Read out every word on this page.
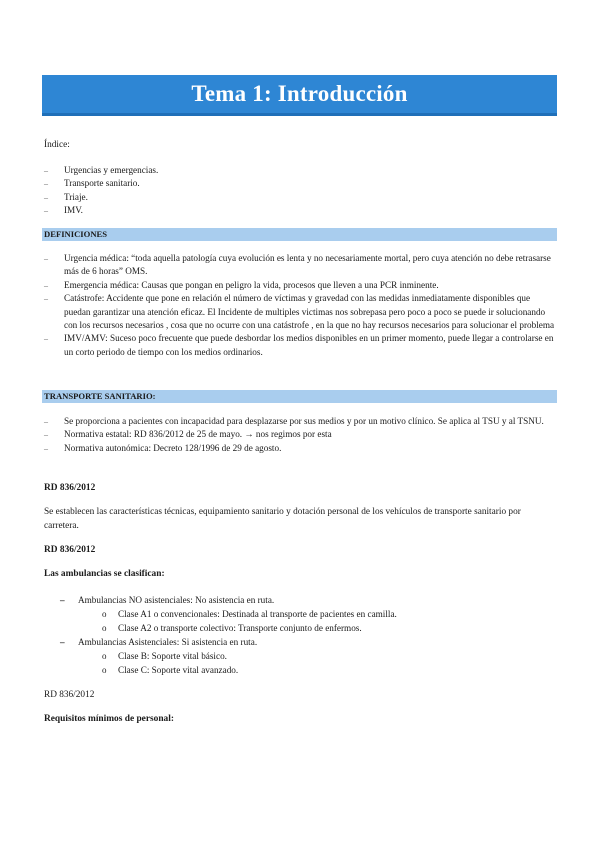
Tema 1: Introducción
Índice:
– Urgencias y emergencias.
– Transporte sanitario.
– Triaje.
– IMV.
DEFINICIONES
– Urgencia médica: “toda aquella patología cuya evolución es lenta y no necesariamente mortal, pero cuya atención no debe retrasarse más de 6 horas” OMS.
– Emergencia médica: Causas que pongan en peligro la vida, procesos que lleven a una PCR inminente.
– Catástrofe: Accidente que pone en relación el número de víctimas y gravedad con las medidas inmediatamente disponibles que puedan garantizar una atención eficaz. El Incidente de multiples victimas nos sobrepasa pero poco a poco se puede ir solucionando con los recursos necesarios , cosa que no ocurre con una catástrofe , en la que no hay recursos necesarios para solucionar el problema
– IMV/AMV: Suceso poco frecuente que puede desbordar los medios disponibles en un primer momento, puede llegar a controlarse en un corto periodo de tiempo con los medios ordinarios.
TRANSPORTE SANITARIO:
– Se proporciona a pacientes con incapacidad para desplazarse por sus medios y por un motivo clínico. Se aplica al TSU y al TSNU.
– Normativa estatal: RD 836/2012 de 25 de mayo. → nos regimos por esta
– Normativa autonómica: Decreto 128/1996 de 29 de agosto.
RD 836/2012
Se establecen las características técnicas, equipamiento sanitario y dotación personal de los vehículos de transporte sanitario por carretera.
RD 836/2012
Las ambulancias se clasifican:
– Ambulancias NO asistenciales: No asistencia en ruta.
o Clase A1 o convencionales: Destinada al transporte de pacientes en camilla.
o Clase A2 o transporte colectivo: Transporte conjunto de enfermos.
– Ambulancias Asistenciales: Si asistencia en ruta.
o Clase B: Soporte vital básico.
o Clase C: Soporte vital avanzado.
RD 836/2012
Requisitos mínimos de personal:
